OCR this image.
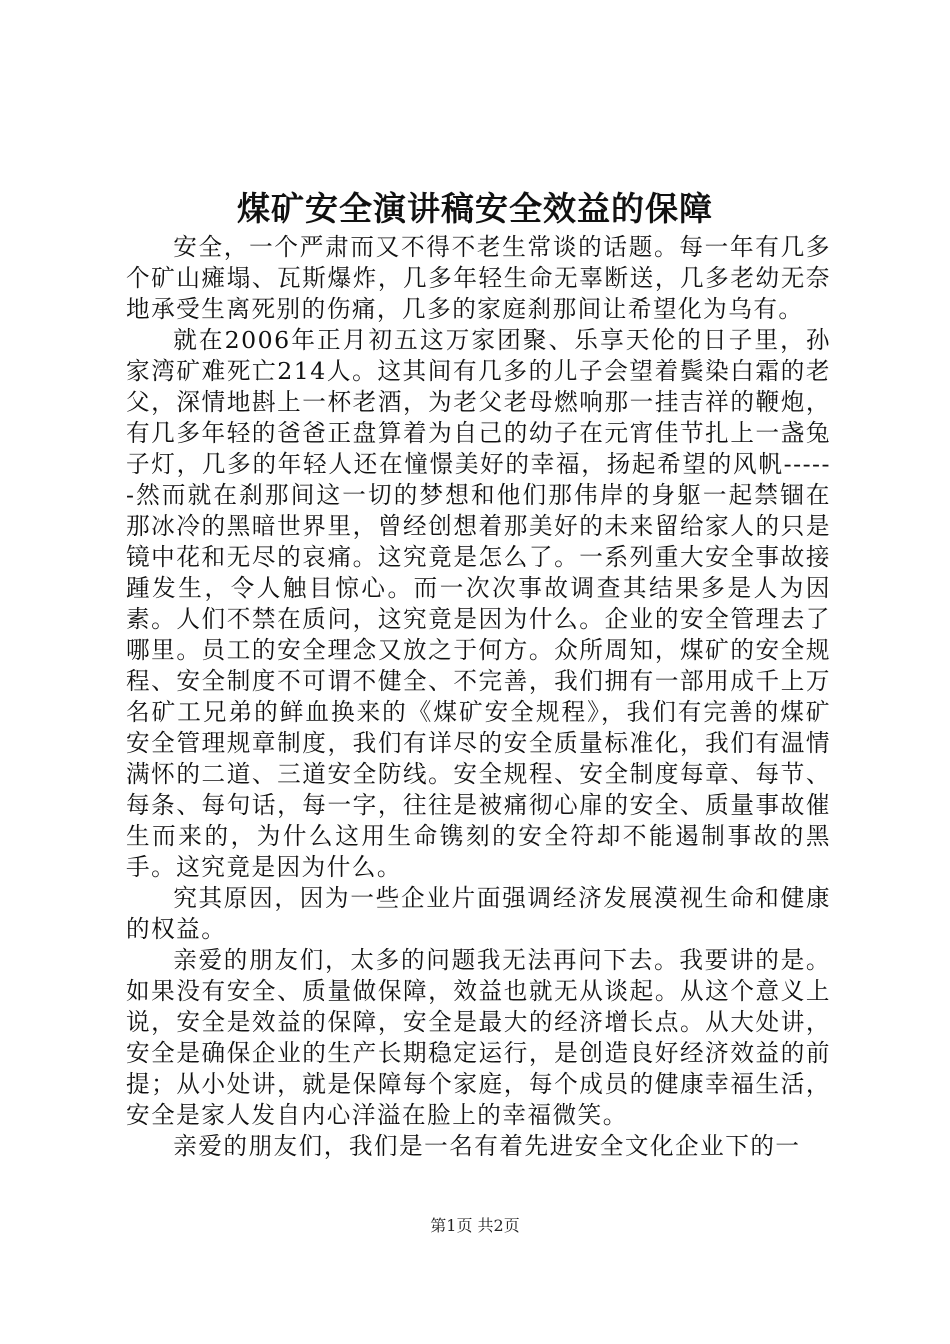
煤矿安全演讲稿安全效益的保障

安全，一个严肃而又不得不老生常谈的话题。每一年有几多个矿山瘫塌、瓦斯爆炸，几多年轻生命无辜断送，几多老幼无奈地承受生离死别的伤痛，几多的家庭刹那间让希望化为乌有。

就在2006年正月初五这万家团聚、乐享天伦的日子里，孙家湾矿难死亡214人。这其间有几多的儿子会望着鬓染白霜的老父，深情地斟上一杯老酒，为老父老母燃响那一挂吉祥的鞭炮，有几多年轻的爸爸正盘算着为自己的幼子在元宵佳节扎上一盏兔子灯，几多的年轻人还在憧憬美好的幸福，扬起希望的风帆------然而就在刹那间这一切的梦想和他们那伟岸的身躯一起禁锢在那冰冷的黑暗世界里，曾经创想着那美好的未来留给家人的只是镜中花和无尽的哀痛。这究竟是怎么了。一系列重大安全事故接踵发生，令人触目惊心。而一次次事故调查其结果多是人为因素。人们不禁在质问，这究竟是因为什么。企业的安全管理去了哪里。员工的安全理念又放之于何方。众所周知，煤矿的安全规程、安全制度不可谓不健全、不完善，我们拥有一部用成千上万名矿工兄弟的鲜血换来的《煤矿安全规程》，我们有完善的煤矿安全管理规章制度，我们有详尽的安全质量标准化，我们有温情满怀的二道、三道安全防线。安全规程、安全制度每章、每节、每条、每句话，每一字，往往是被痛彻心扉的安全、质量事故催生而来的，为什么这用生命镌刻的安全符却不能遏制事故的黑手。这究竟是因为什么。

究其原因，因为一些企业片面强调经济发展漠视生命和健康的权益。

亲爱的朋友们，太多的问题我无法再问下去。我要讲的是。如果没有安全、质量做保障，效益也就无从谈起。从这个意义上说，安全是效益的保障，安全是最大的经济增长点。从大处讲，安全是确保企业的生产长期稳定运行，是创造良好经济效益的前提；从小处讲，就是保障每个家庭，每个成员的健康幸福生活，安全是家人发自内心洋溢在脸上的幸福微笑。

亲爱的朋友们，我们是一名有着先进安全文化企业下的一

第1页 共2页
